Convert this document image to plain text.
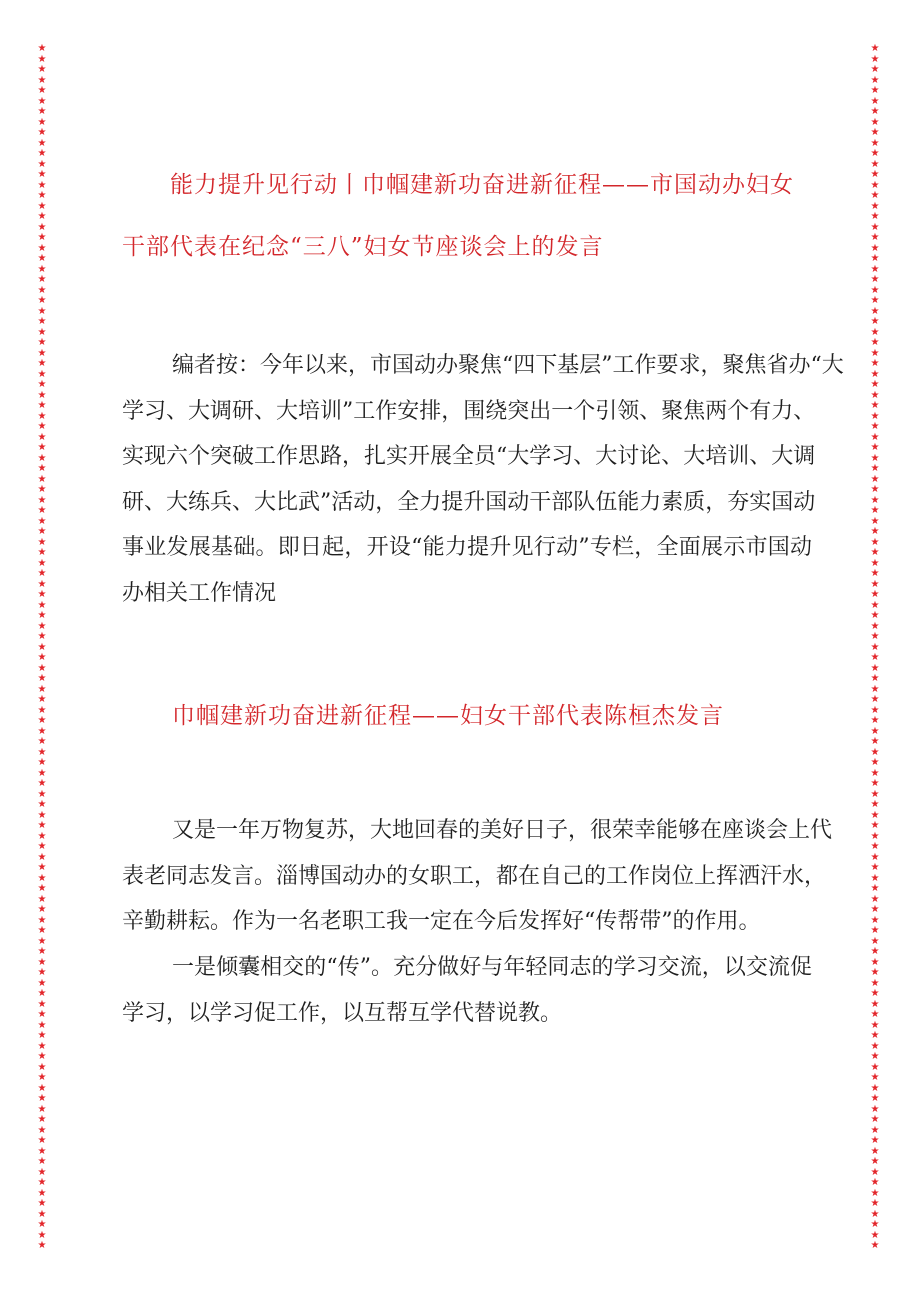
★
★
★
★
★
★
★
★
★
★
★
★
★
★
★
★
★
★
★
★
★
★
★
★
★
★
★
★
★
★
★
★
★
★
★
★
★
★
★
★
★
★
★
★
★
★
★
★
★
★
★
★
★
★
★
★
★
★
★
★
★
★
★
★
★
★
★
★
★
★
★
★
★
★
★
★
★
★
★
★
★
★
★
★
★
★
★
★
★
★
★
★
★
★
★
★
★
★
★
★
★
★
★
★
★
★
★
★
★
★
★
★
★
★
★
★
★
★
★
★
★
★
★
★
★
★
★
★
★
★
★
★
★
★
★
★
★
★
★
★
★
★
★
★
★
★
★
★
★
★
★
★
★
★
★
★
★
★
★
★
★
★
★
★
★
★
★
★
★
★
★
★
★
★
★
★
★
★
★
★
★
★
★
★
★
★
★
★
★
★
★
★
★
★
★
★
★
★
★
★
★
★
★
★
★
★
★
★
★
★
★
★
★
★
★
★
★
★
★
★
★
★
★
★
★
★
★
★
★
★
能力提升见行动丨巾帼建新功奋进新征程——市国动办妇女
干部代表在纪念“三八”妇女节座谈会上的发言
编者按：今年以来，市国动办聚焦“四下基层”工作要求，聚焦省办“大
学习、大调研、大培训”工作安排，围绕突出一个引领、聚焦两个有力、
实现六个突破工作思路，扎实开展全员“大学习、大讨论、大培训、大调
研、大练兵、大比武”活动，全力提升国动干部队伍能力素质，夯实国动
事业发展基础。即日起，开设“能力提升见行动”专栏，全面展示市国动
办相关工作情况
巾帼建新功奋进新征程——妇女干部代表陈桓杰发言
又是一年万物复苏，大地回春的美好日子，很荣幸能够在座谈会上代
表老同志发言。淄博国动办的女职工，都在自己的工作岗位上挥洒汗水，
辛勤耕耘。作为一名老职工我一定在今后发挥好“传帮带”的作用。
一是倾囊相交的“传”。充分做好与年轻同志的学习交流，以交流促
学习，以学习促工作，以互帮互学代替说教。
